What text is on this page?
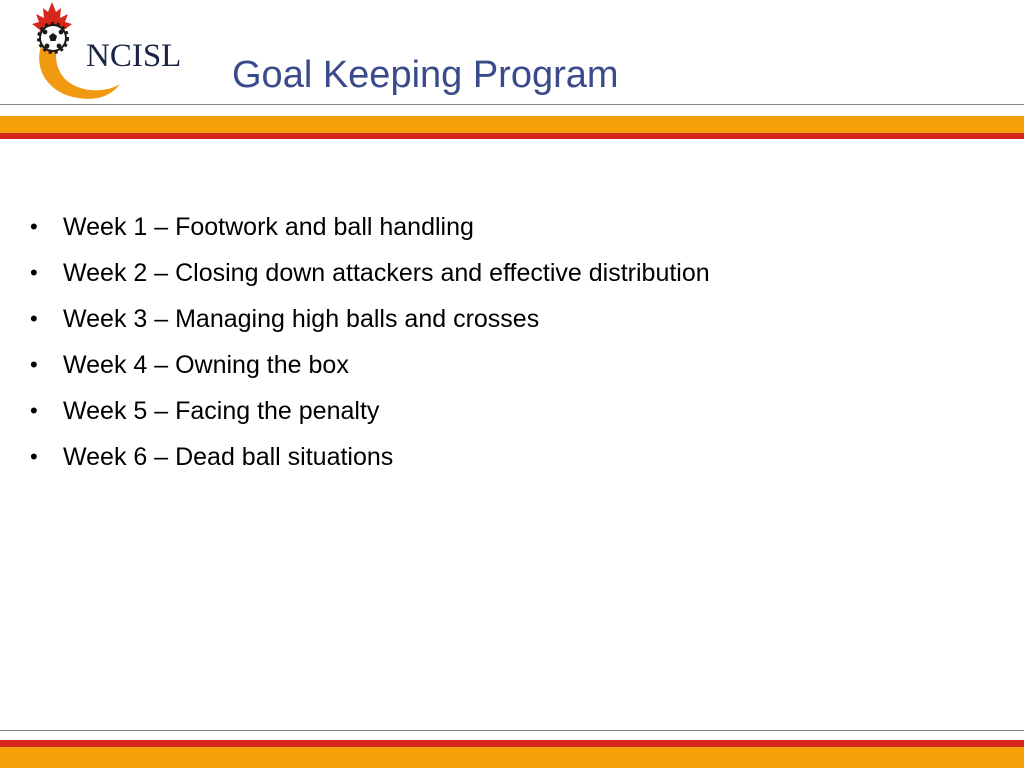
NCISL Goal Keeping Program
• Week 1 – Footwork and ball handling
• Week 2 – Closing down attackers and effective distribution
• Week 3 – Managing high balls and crosses
• Week 4 – Owning the box
• Week 5 – Facing the penalty
• Week 6 – Dead ball situations
